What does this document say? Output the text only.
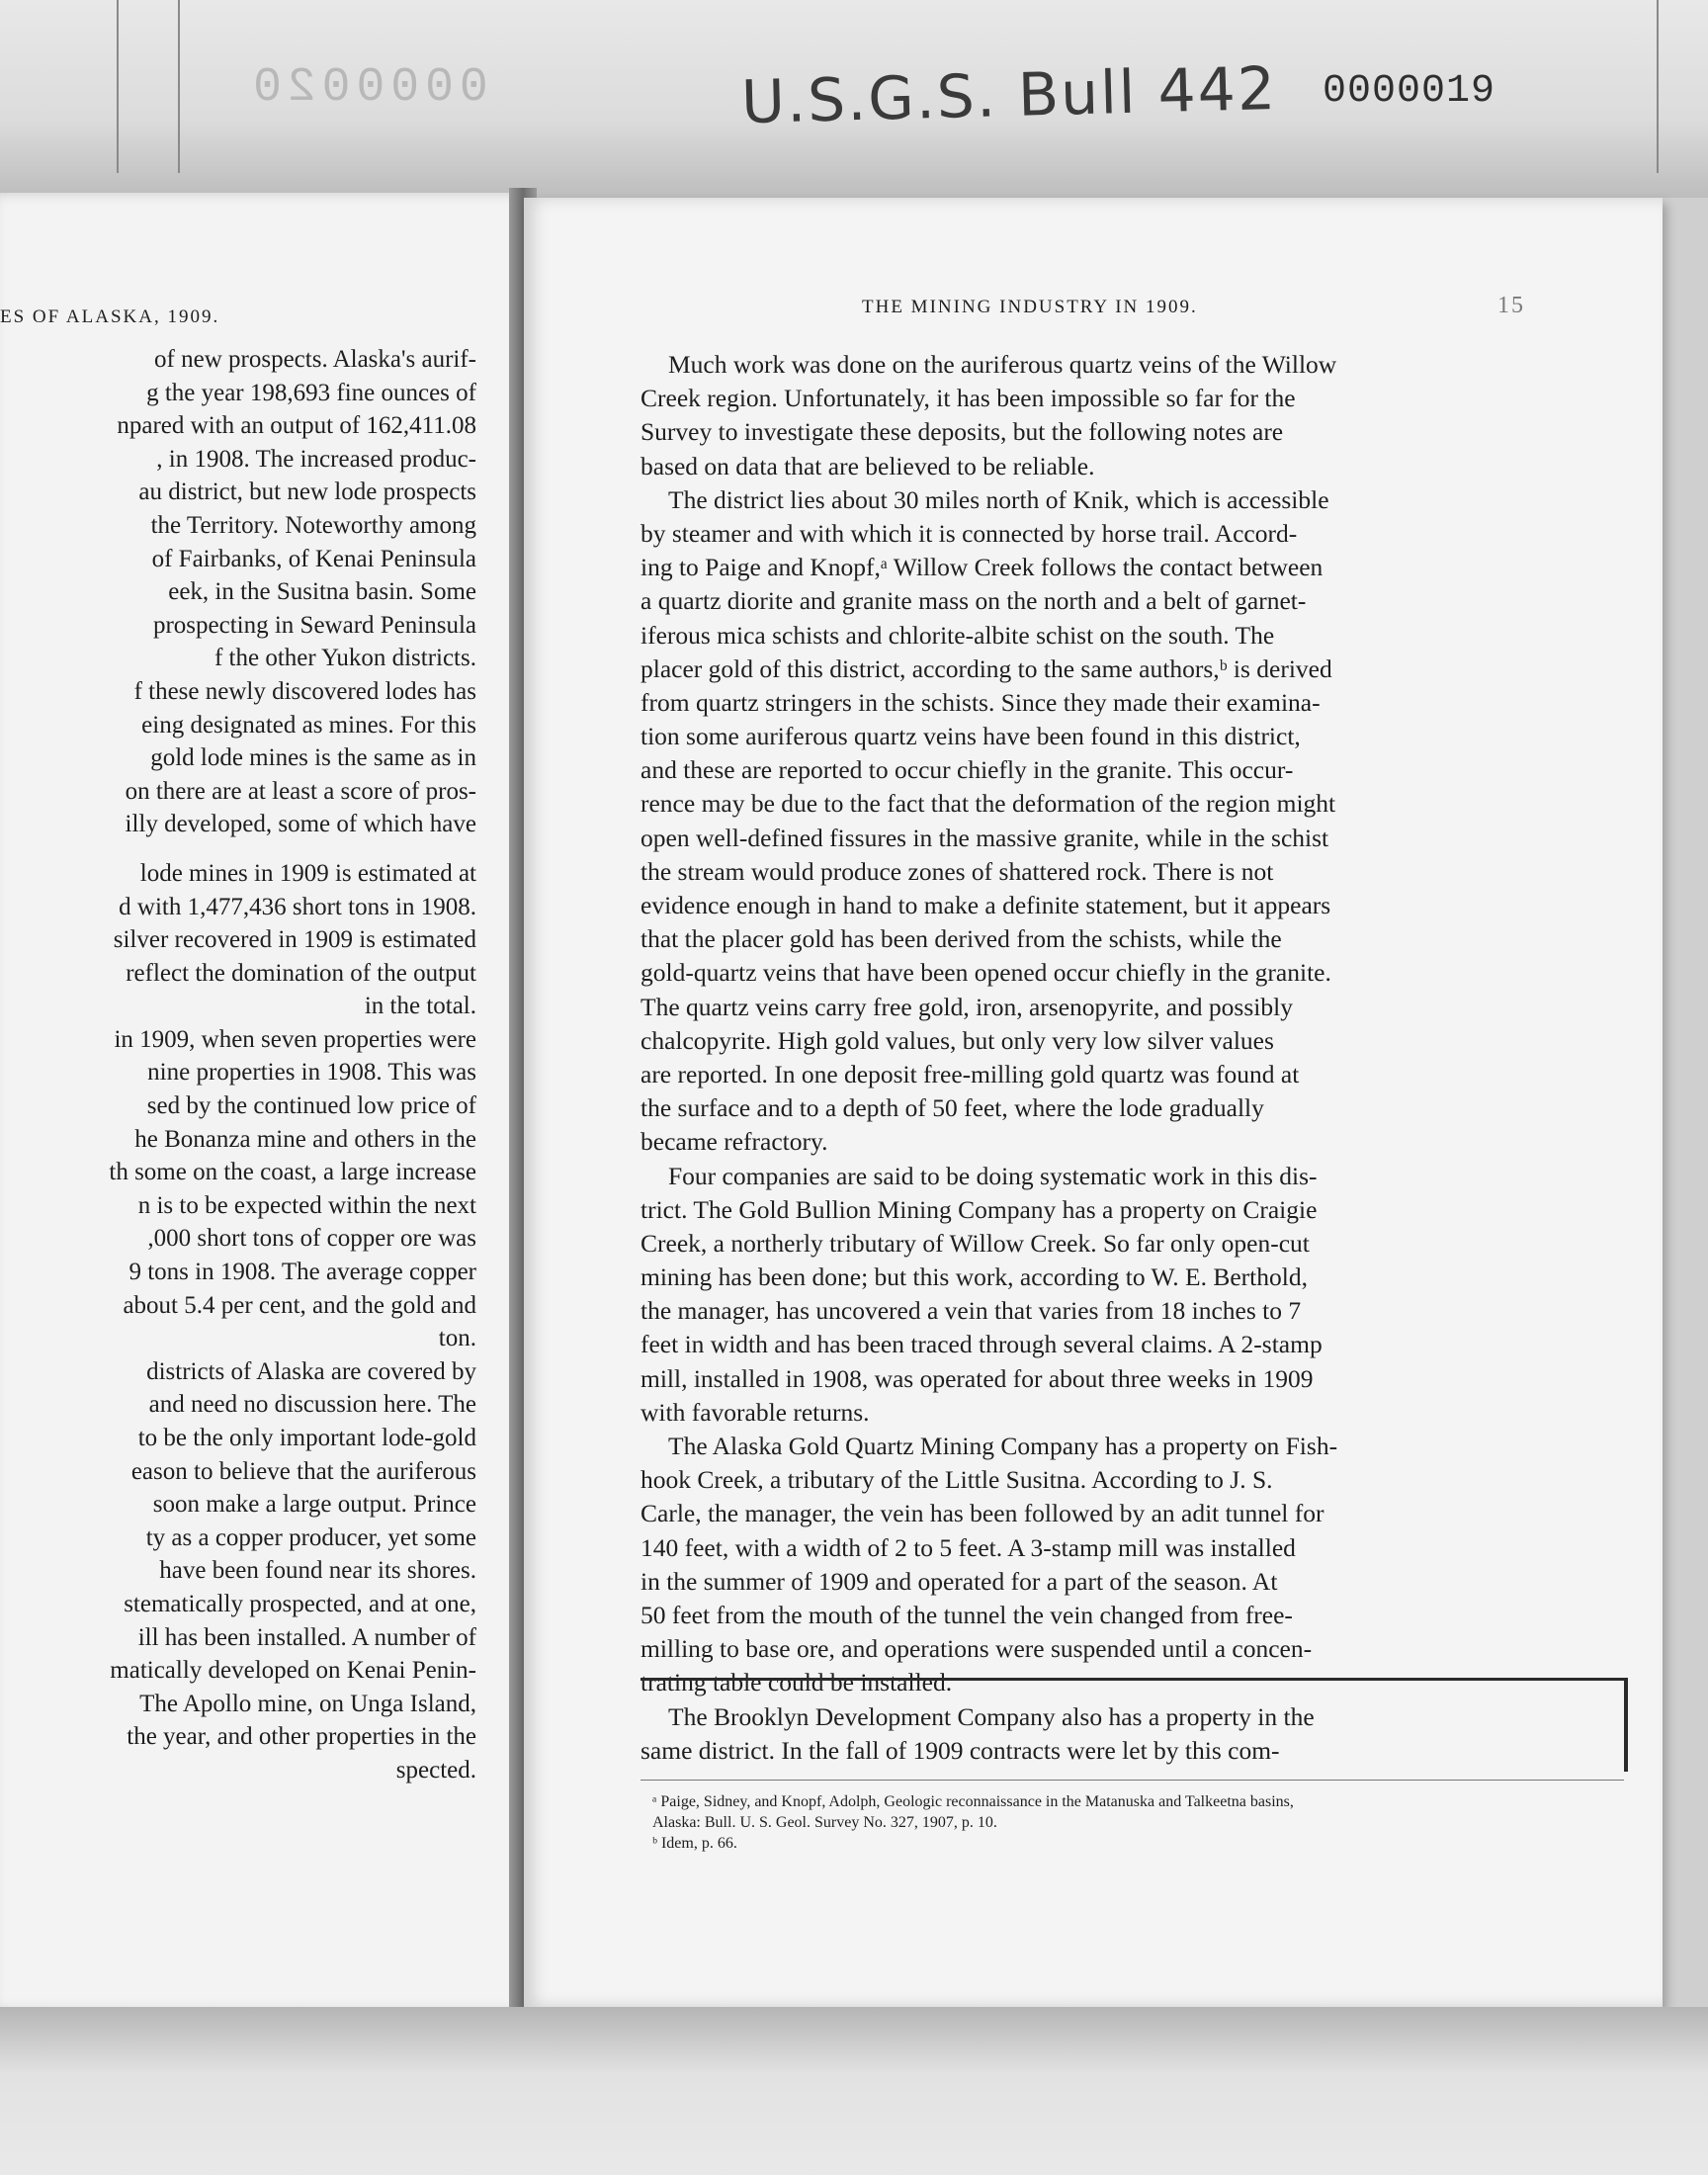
0000020	U.S.G.S. Bull 442 0000019
ES OF ALASKA, 1909.
of new prospects. Alaska's aurif-
g the year 198,693 fine ounces of
npared with an output of 162,411.08
, in 1908. The increased produc-
au district, but new lode prospects
the Territory. Noteworthy among
of Fairbanks, of Kenai Peninsula
eek, in the Susitna basin. Some
prospecting in Seward Peninsula
f the other Yukon districts.
f these newly discovered lodes has
eing designated as mines. For this
gold lode mines is the same as in
on there are at least a score of pros-
illy developed, some of which have
lode mines in 1909 is estimated at
d with 1,477,436 short tons in 1908.
silver recovered in 1909 is estimated
reflect the domination of the output
in the total.
in 1909, when seven properties were
nine properties in 1908. This was
sed by the continued low price of
he Bonanza mine and others in the
th some on the coast, a large increase
n is to be expected within the next
,000 short tons of copper ore was
9 tons in 1908. The average copper
about 5.4 per cent, and the gold and
ton.
districts of Alaska are covered by
and need no discussion here. The
to be the only important lode-gold
eason to believe that the auriferous
soon make a large output. Prince
ty as a copper producer, yet some
have been found near its shores.
stematically prospected, and at one,
ill has been installed. A number of
matically developed on Kenai Penin-
The Apollo mine, on Unga Island,
the year, and other properties in the
spected.
THE MINING INDUSTRY IN 1909.	15
Much work was done on the auriferous quartz veins of the Willow
Creek region. Unfortunately, it has been impossible so far for the
Survey to investigate these deposits, but the following notes are
based on data that are believed to be reliable.
The district lies about 30 miles north of Knik, which is accessible
by steamer and with which it is connected by horse trail. Accord-
ing to Paige and Knopf,ᵃ Willow Creek follows the contact between
a quartz diorite and granite mass on the north and a belt of garnet-
iferous mica schists and chlorite-albite schist on the south. The
placer gold of this district, according to the same authors,ᵇ is derived
from quartz stringers in the schists. Since they made their examina-
tion some auriferous quartz veins have been found in this district,
and these are reported to occur chiefly in the granite. This occur-
rence may be due to the fact that the deformation of the region might
open well-defined fissures in the massive granite, while in the schist
the stream would produce zones of shattered rock. There is not
evidence enough in hand to make a definite statement, but it appears
that the placer gold has been derived from the schists, while the
gold-quartz veins that have been opened occur chiefly in the granite.
The quartz veins carry free gold, iron, arsenopyrite, and possibly
chalcopyrite. High gold values, but only very low silver values
are reported. In one deposit free-milling gold quartz was found at
the surface and to a depth of 50 feet, where the lode gradually
became refractory.
Four companies are said to be doing systematic work in this dis-
trict. The Gold Bullion Mining Company has a property on Craigie
Creek, a northerly tributary of Willow Creek. So far only open-cut
mining has been done; but this work, according to W. E. Berthold,
the manager, has uncovered a vein that varies from 18 inches to 7
feet in width and has been traced through several claims. A 2-stamp
mill, installed in 1908, was operated for about three weeks in 1909
with favorable returns.
The Alaska Gold Quartz Mining Company has a property on Fish-
hook Creek, a tributary of the Little Susitna. According to J. S.
Carle, the manager, the vein has been followed by an adit tunnel for
140 feet, with a width of 2 to 5 feet. A 3-stamp mill was installed
in the summer of 1909 and operated for a part of the season. At
50 feet from the mouth of the tunnel the vein changed from free-
milling to base ore, and operations were suspended until a concen-
trating table could be installed.
The Brooklyn Development Company also has a property in the
same district. In the fall of 1909 contracts were let by this com-
ᵃ Paige, Sidney, and Knopf, Adolph, Geologic reconnaissance in the Matanuska and Talkeetna basins,
Alaska: Bull. U. S. Geol. Survey No. 327, 1907, p. 10.
ᵇ Idem, p. 66.
